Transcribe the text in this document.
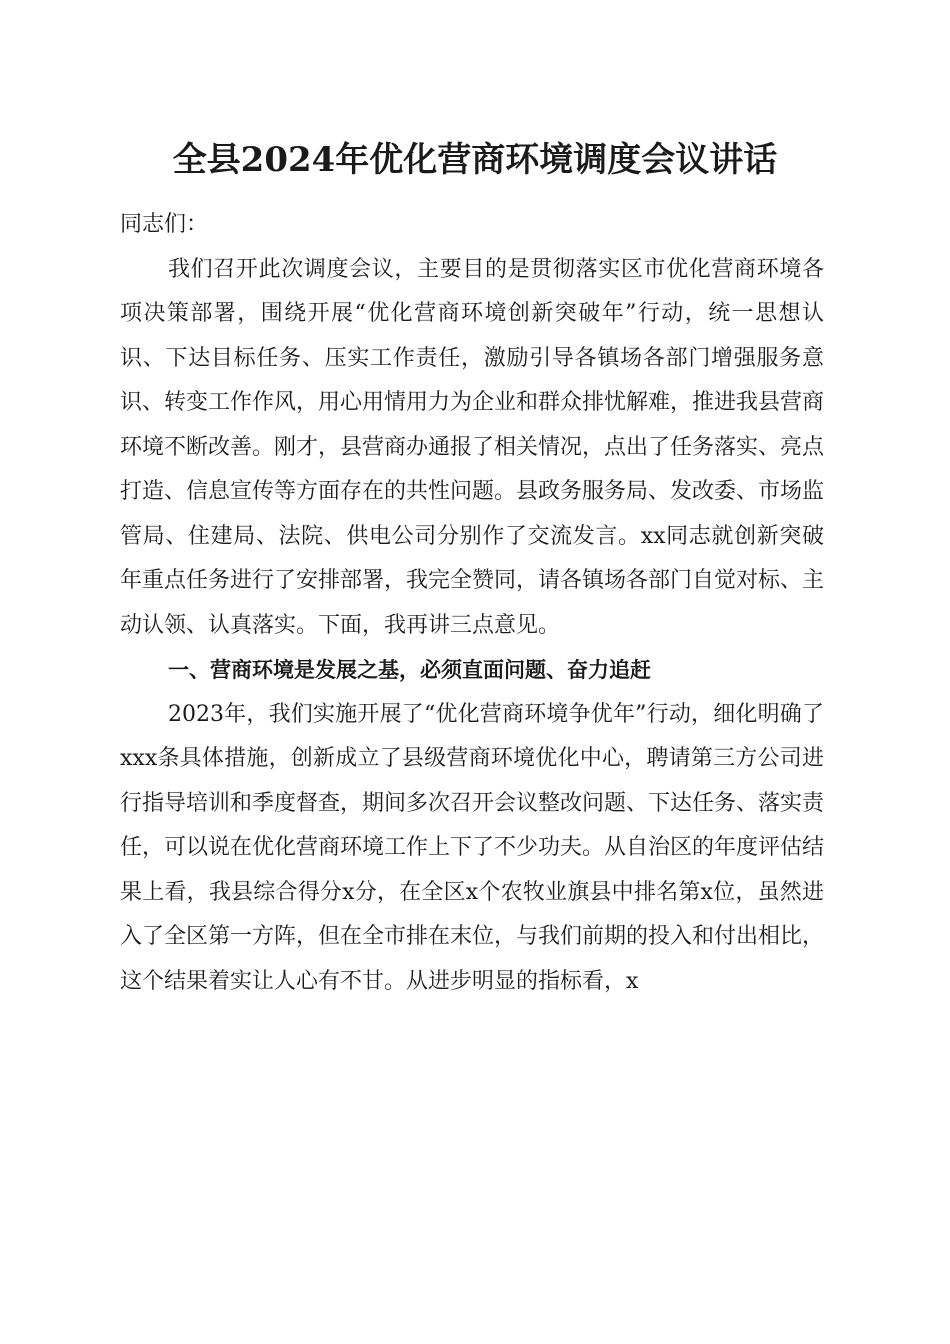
全县2024年优化营商环境调度会议讲话

同志们：

我们召开此次调度会议，主要目的是贯彻落实区市优化营商环境各项决策部署，围绕开展“优化营商环境创新突破年”行动，统一思想认识、下达目标任务、压实工作责任，激励引导各镇场各部门增强服务意识、转变工作作风，用心用情用力为企业和群众排忧解难，推进我县营商环境不断改善。刚才，县营商办通报了相关情况，点出了任务落实、亮点打造、信息宣传等方面存在的共性问题。县政务服务局、发改委、市场监管局、住建局、法院、供电公司分别作了交流发言。xx同志就创新突破年重点任务进行了安排部署，我完全赞同，请各镇场各部门自觉对标、主动认领、认真落实。下面，我再讲三点意见。

一、营商环境是发展之基，必须直面问题、奋力追赶

2023年，我们实施开展了“优化营商环境争优年”行动，细化明确了xxx条具体措施，创新成立了县级营商环境优化中心，聘请第三方公司进行指导培训和季度督查，期间多次召开会议整改问题、下达任务、落实责任，可以说在优化营商环境工作上下了不少功夫。从自治区的年度评估结果上看，我县综合得分x分，在全区x个农牧业旗县中排名第x位，虽然进入了全区第一方阵，但在全市排在末位，与我们前期的投入和付出相比，这个结果着实让人心有不甘。从进步明显的指标看，x
